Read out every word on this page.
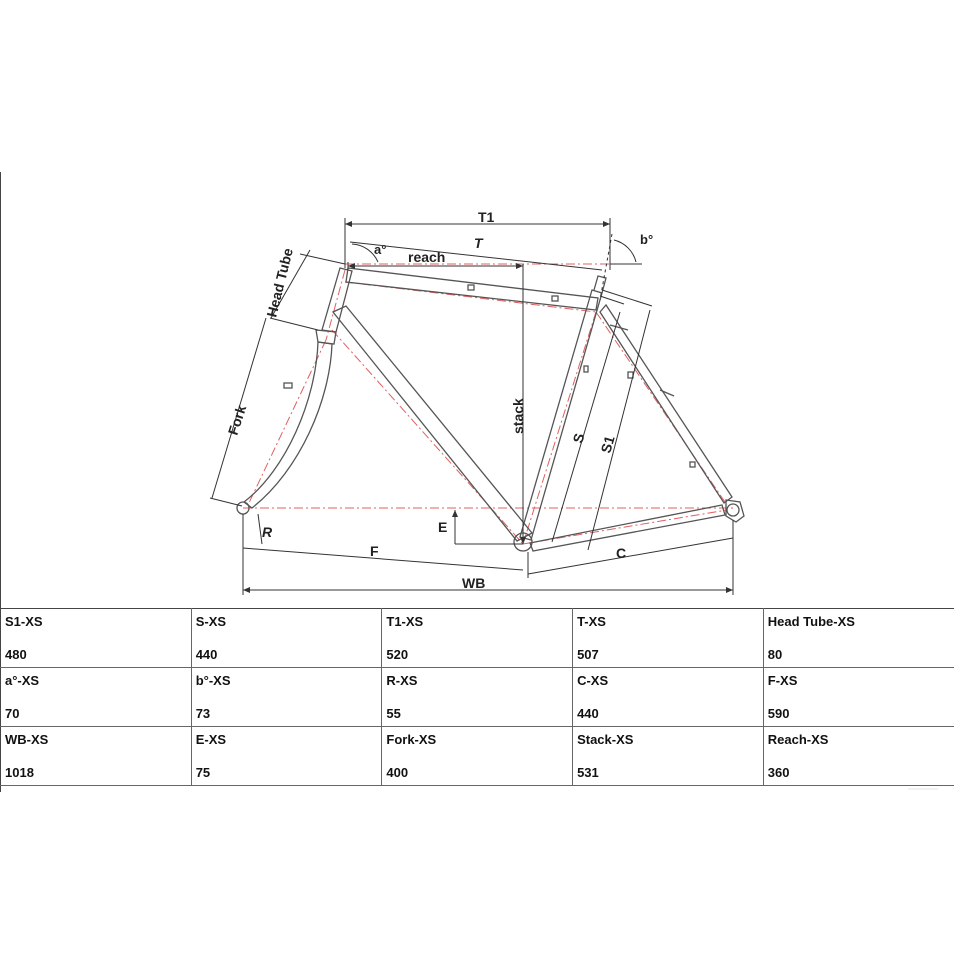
T1
T
a°
b°
reach
Head Tube
Fork	stack
S S1
E
R
F	C
WB
S1-XS
480	S-XS
440	T1-XS
520	T-XS
507	Head Tube-XS
80

a°-XS
70	b°-XS
73	R-XS
55	C-XS
440	F-XS
590

WB-XS
1018	E-XS
75	Fork-XS
400	Stack-XS
531	Reach-XS
360
